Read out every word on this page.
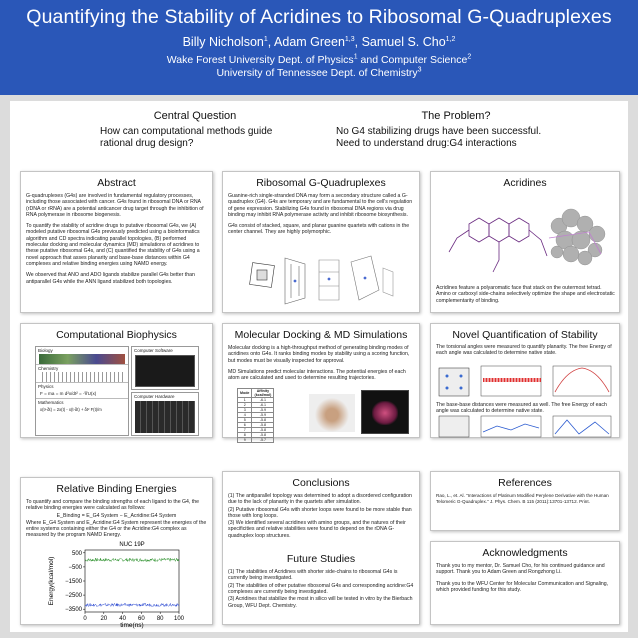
Quantifying the Stability of Acridines to Ribosomal G-Quadruplexes
Billy Nicholson$^1$, Adam Green$^{1,3}$, Samuel S. Cho$^{1,2}$
Wake Forest University Dept. of Physics$^1$ and Computer Science$^2$
University of Tennessee Dept. of Chemistry$^3$
Central Question
How can computational methods guide
rational drug design?
The Problem?
No G4 stabilizing drugs have been successful.
Need to understand drug:G4 interactions
Abstract

G-quadruplexes (G4s) are involved in fundamental regulatory processes, including those associated with cancer. G4s found in ribosomal DNA or RNA (rDNA or rRNA) are a potential anticancer drug target through the inhibition of RNA polymerase in ribosome biogenesis.

To quantify the stability of acridine drugs to putative ribosomal G4s, we (A) modeled putative ribosomal G4s previously predicted using a bioinformatics algorithm and CD spectra indicating parallel topologies, (B) performed molecular docking and molecular dynamics (MD) simulations of acridines to these putative ribosomal G4s, and (C) quantified the stability of G4s using a novel approach that asses planarity and base-base distances within G4 complexes and relative binding energies using NAMD energy.

We observed that ANO and ADO ligands stabilize parallel G4s better than antiparallel G4s while the ANN ligand stabilized both topologies.

Ribosomal G-Quadruplexes

Guanine-rich single-stranded DNA may form a secondary structure called a G-quadruplex (G4). G4s are temporary and are fundamental to the cell's regulation of gene expression. Stabilizing G4s found in ribosomal DNA regions via drug binding may inhibit RNA polymerase activity and inhibit ribosome biosynthesis.

G4s consist of stacked, square, and planar guanine quartets with cations in the center channel. They are highly polymorphic.

Acridines
Acridines feature a polyaromatic face that stack on the outermost tetrad. Amino or carboxyl side-chains selectively optimize the shape and electrostatic complementarity of binding.
Computational Biophysics
Biology
Chemistry
Physics
F = ma = m d²x/dt² = -∇U(x)
Mathematics
x(t+δt) = 2x(t) - x(t-δt) + δt² F(t)/m
Computer Software
Computer Hardware
Molecular Docking & MD Simulations

Molecular docking is a high-throughput method of generating binding modes of acridines onto G4s. It ranks binding modes by stability using a scoring function, but modes must be visually inspected for approval.

MD Simulations predict molecular interactions. The potential energies of each atom are calculated and used to determine resulting trajectories.

Mode	Affinity (kcal/mol)
1	-6.1
2	-6.1
3	-5.9
4	-5.9
5	-5.8
6	-5.8
7	-5.8
8	-5.8
9	-5.7
Novel Quantification of Stability
The torsional angles were measured to quantify planarity. The free Energy of each angle was calculated to determine native state.
The base-base distances were measured as well. The free Energy of each angle was calculated to determine native state.
Relative Binding Energies

To quantify and compare the binding strengths of each ligand to the G4, the relative binding energies were calculated as follows:

E_Binding = E_G4 System − E_Acridine:G4 System

Where E_G4 System and E_Acridine:G4 System represent the energies of the entire systems containing either the G4 or the Acridine:G4 complex as measured by the program NAMD Energy.

NUC 19P
0 20 40 60 80 100
500
−500
−1500
−2500
−3500
time(ns)
Energy(kcal/mol)
Conclusions

(1) The antiparallel topology was determined to adopt a disordered configuration due to the lack of planarity in the quartets after simulation.

(2) Putative ribosomal G4s with shorter loops were found to be more stable than those with long loops.

(3) We identified several acridines with amino groups, and the natures of their specificities and relative stabilities were found to depend on the rDNA G-quadruplex loop structures.

Future Studies

(1) The stabilities of Acridines with shorter side-chains to ribosomal G4s is currently being investigated.

(2) The stabilities of other putative ribosomal G4s and corresponding acridine:G4 complexes are currently being investigated.

(3) Acridines that stabilize the most in silico will be tested in vitro by the Bierbach Group, WFU Dept. Chemistry.

References

Rao, L., et. Al. "Interactions of Platinum Modified Perylene Derivative with the Human Telomeric G-Quadruplex." J. Phys. Chem. B 115 (2011):13701-13712. Print.

Acknowledgments

Thank you to my mentor, Dr. Samuel Cho, for his continued guidance and support. Thank you to Adam Green and Rongzhong Li.

Thank you to the WFU Center for Molecular Communication and Signaling, which provided funding for this study.
